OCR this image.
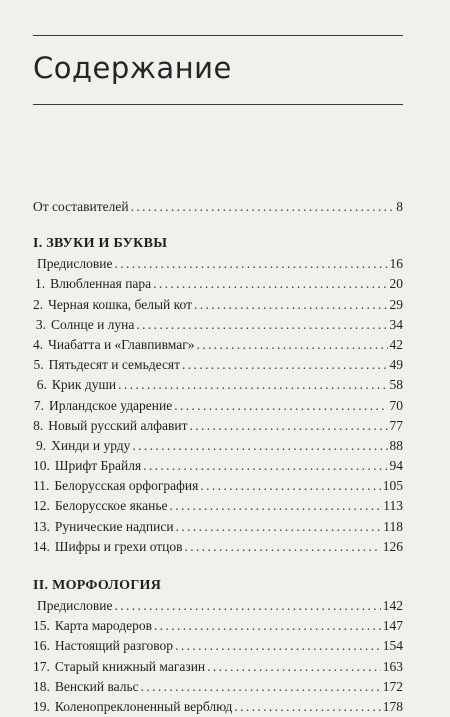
Содержание
От составителей . . .	8
I. ЗВУКИ И БУКВЫ
Предисловие . . .	16
1. Влюбленная пара . . .	20
2. Черная кошка, белый кот . . .	29
3. Солнце и луна . . .	34
4. Чиабатта и «Главпивмаг» . . .	42
5. Пятьдесят и семьдесят . . .	49
6. Крик души . . .	58
7. Ирландское ударение . . .	70
8. Новый русский алфавит . . .	77
9. Хинди и урду . . .	88
10. Шрифт Брайля . . .	94
11. Белорусская орфография . . .	105
12. Белорусское яканье . . .	113
13. Рунические надписи . . .	118
14. Шифры и грехи отцов . . .	126
II. МОРФОЛОГИЯ
Предисловие . . .	142
15. Карта мародеров . . .	147
16. Настоящий разговор . . .	154
17. Старый книжный магазин . . .	163
18. Венский вальс . . .	172
19. Коленопреклоненный верблюд . . .	178
